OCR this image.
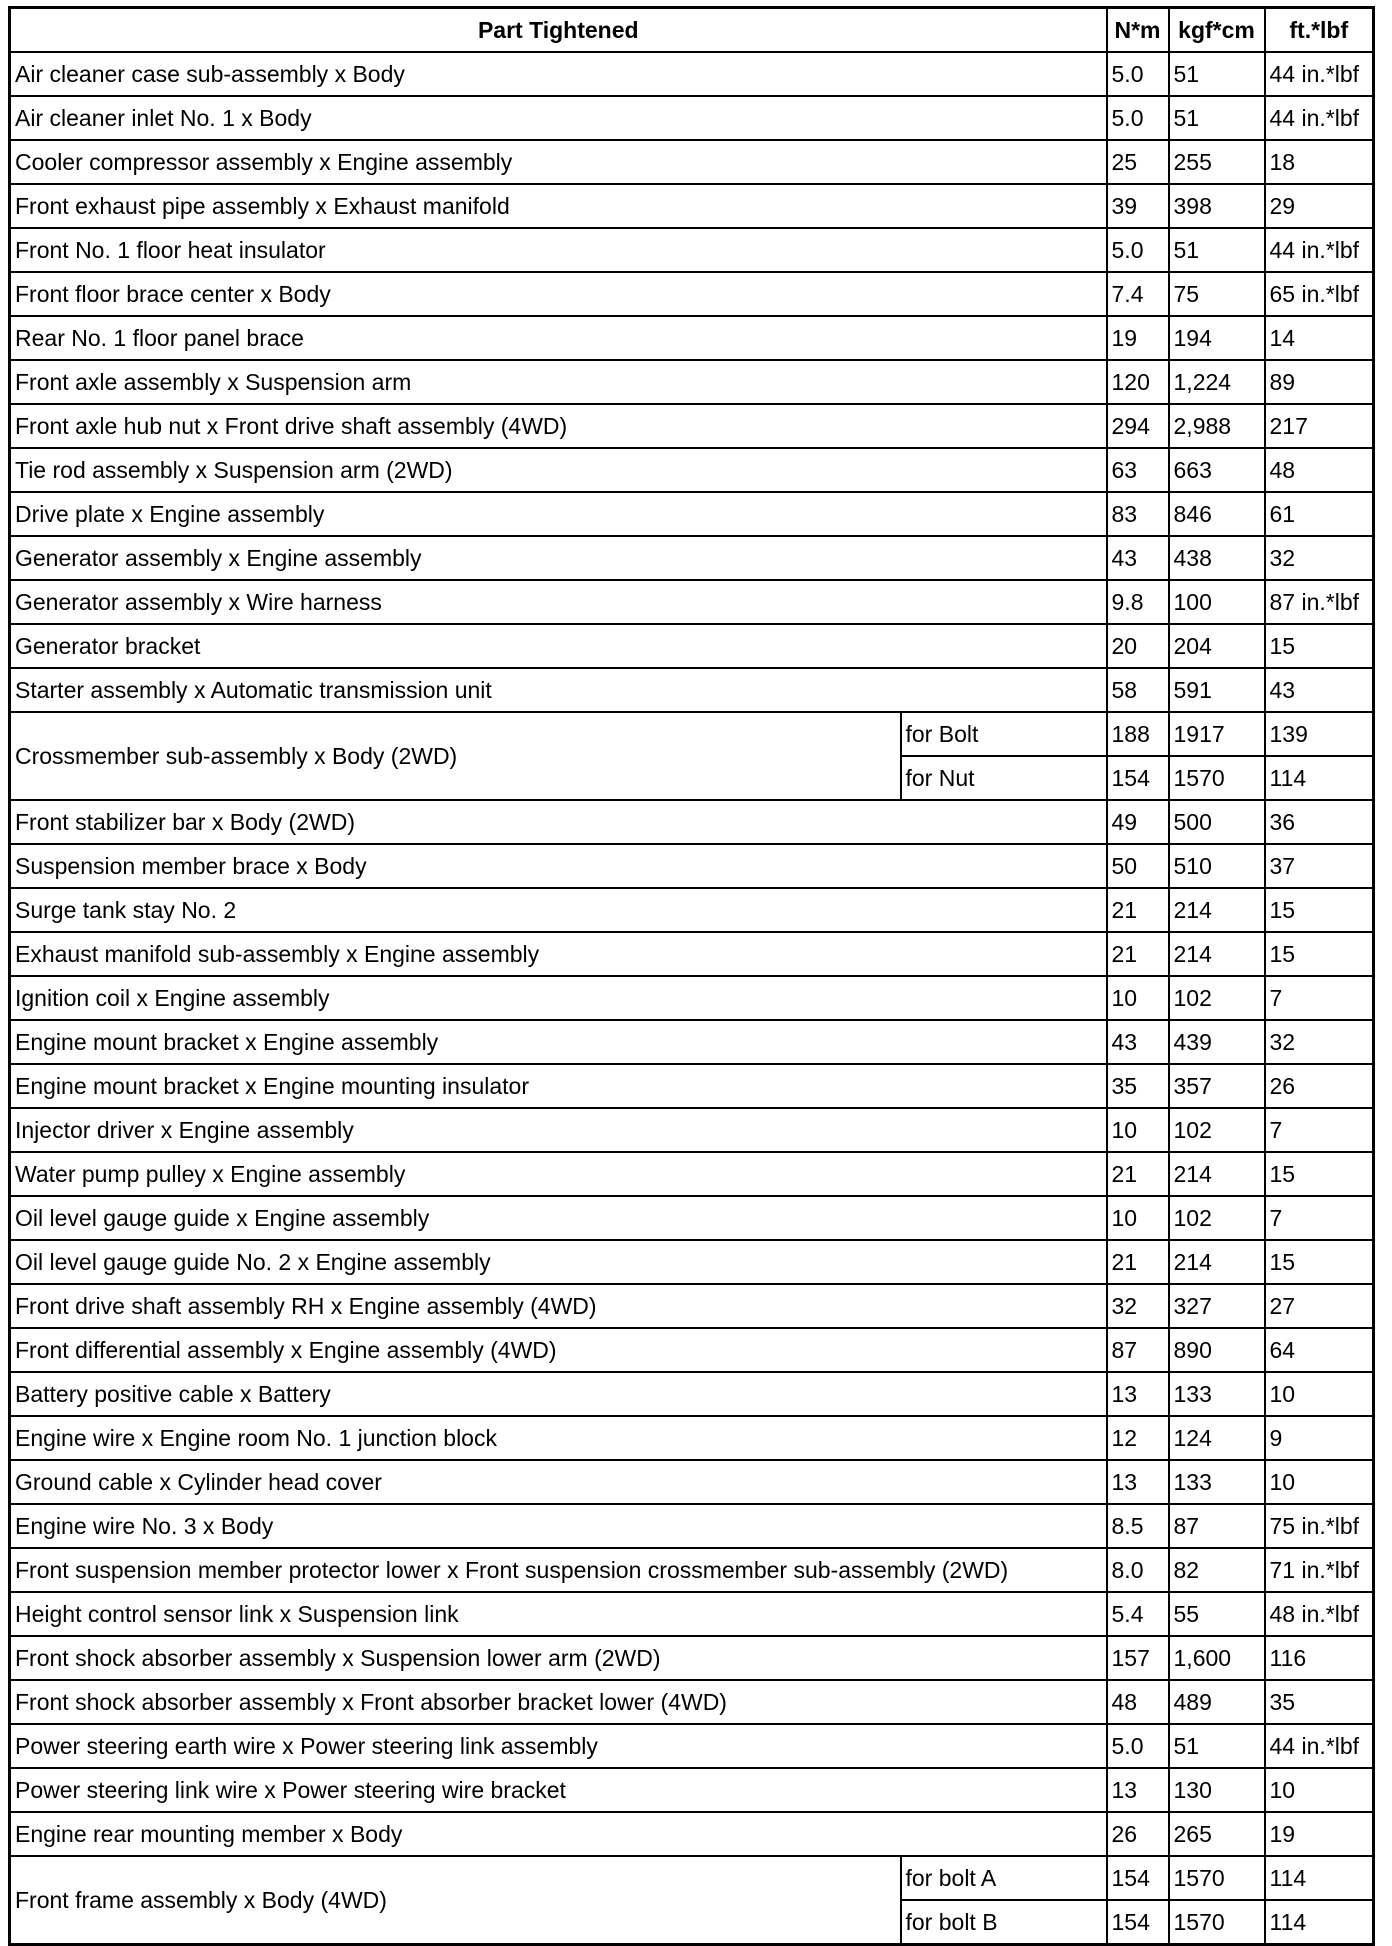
Part Tightened		N*m	kgf*cm	ft.*lbf
Air cleaner case sub-assembly x Body		5.0	51	44 in.*lbf
Air cleaner inlet No. 1 x Body		5.0	51	44 in.*lbf
Cooler compressor assembly x Engine assembly		25	255	18
Front exhaust pipe assembly x Exhaust manifold		39	398	29
Front No. 1 floor heat insulator		5.0	51	44 in.*lbf
Front floor brace center x Body		7.4	75	65 in.*lbf
Rear No. 1 floor panel brace		19	194	14
Front axle assembly x Suspension arm		120	1,224	89
Front axle hub nut x Front drive shaft assembly (4WD)		294	2,988	217
Tie rod assembly x Suspension arm (2WD)		63	663	48
Drive plate x Engine assembly		83	846	61
Generator assembly x Engine assembly		43	438	32
Generator assembly x Wire harness		9.8	100	87 in.*lbf
Generator bracket		20	204	15
Starter assembly x Automatic transmission unit		58	591	43
Crossmember sub-assembly x Body (2WD)	for Bolt	188	1917	139
	for Nut	154	1570	114
Front stabilizer bar x Body (2WD)		49	500	36
Suspension member brace x Body		50	510	37
Surge tank stay No. 2		21	214	15
Exhaust manifold sub-assembly x Engine assembly		21	214	15
Ignition coil x Engine assembly		10	102	7
Engine mount bracket x Engine assembly		43	439	32
Engine mount bracket x Engine mounting insulator		35	357	26
Injector driver x Engine assembly		10	102	7
Water pump pulley x Engine assembly		21	214	15
Oil level gauge guide x Engine assembly		10	102	7
Oil level gauge guide No. 2 x Engine assembly		21	214	15
Front drive shaft assembly RH x Engine assembly (4WD)		32	327	27
Front differential assembly x Engine assembly (4WD)		87	890	64
Battery positive cable x Battery		13	133	10
Engine wire x Engine room No. 1 junction block		12	124	9
Ground cable x Cylinder head cover		13	133	10
Engine wire No. 3 x Body		8.5	87	75 in.*lbf
Front suspension member protector lower x Front suspension crossmember sub-assembly (2WD)		8.0	82	71 in.*lbf
Height control sensor link x Suspension link		5.4	55	48 in.*lbf
Front shock absorber assembly x Suspension lower arm (2WD)		157	1,600	116
Front shock absorber assembly x Front absorber bracket lower (4WD)		48	489	35
Power steering earth wire x Power steering link assembly		5.0	51	44 in.*lbf
Power steering link wire x Power steering wire bracket		13	130	10
Engine rear mounting member x Body		26	265	19
Front frame assembly x Body (4WD)	for bolt A	154	1570	114
	for bolt B	154	1570	114
